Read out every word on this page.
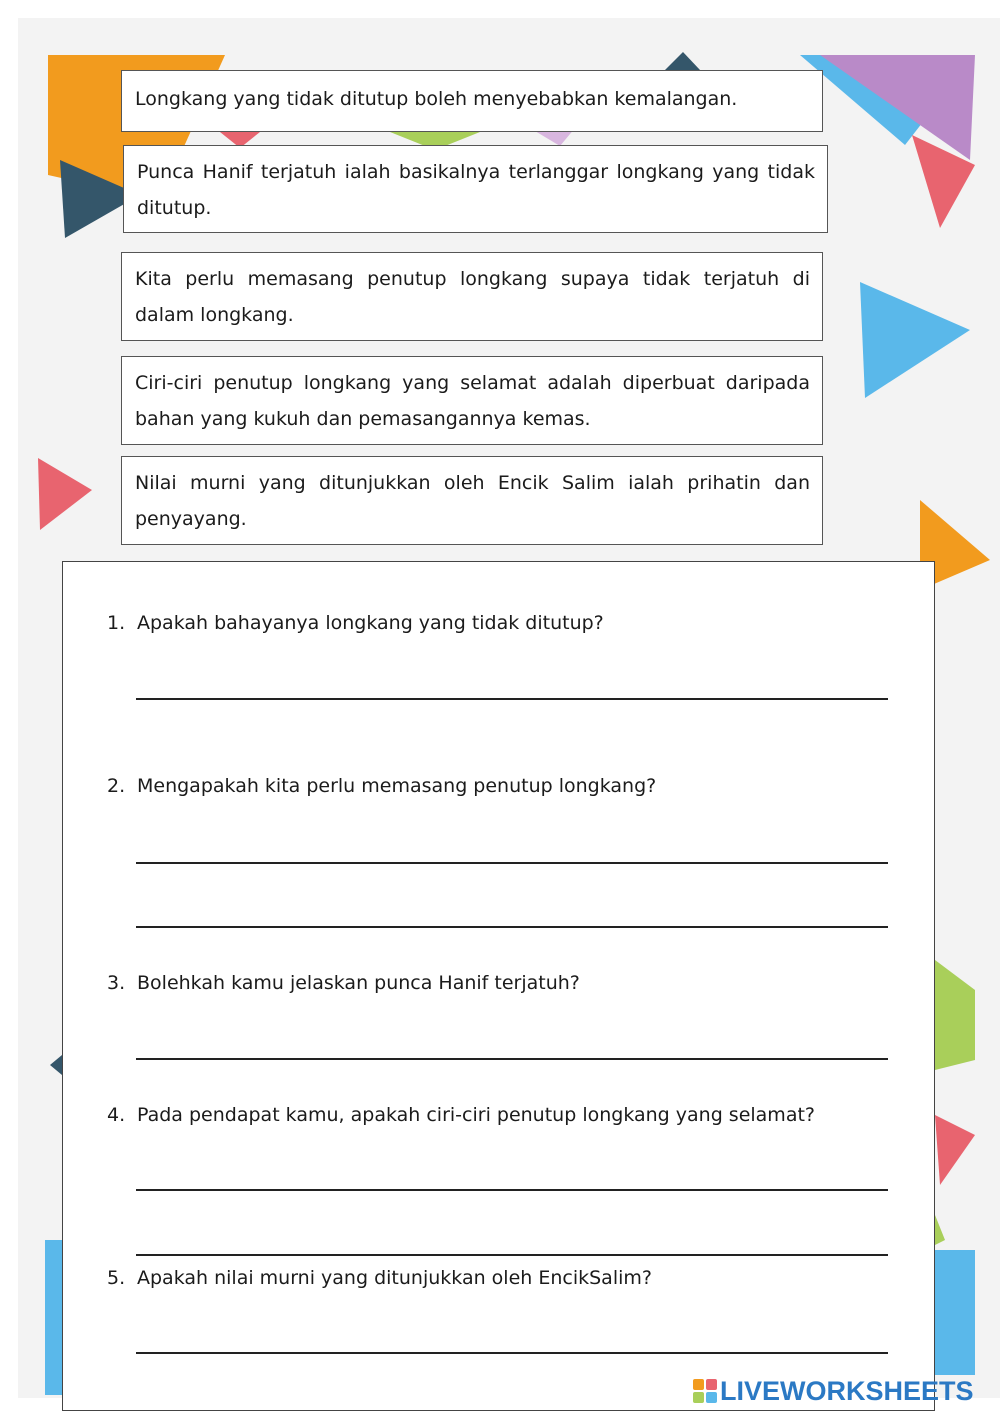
Longkang yang tidak ditutup boleh menyebabkan kemalangan.
Punca Hanif terjatuh ialah basikalnya terlanggar longkang yang tidak ditutup.
Kita perlu memasang penutup longkang supaya tidak terjatuh di dalam longkang.
Ciri-ciri penutup longkang yang selamat adalah diperbuat daripada bahan yang kukuh dan pemasangannya kemas.
Nilai murni yang ditunjukkan oleh Encik Salim ialah prihatin dan penyayang.
1. Apakah bahayanya longkang yang tidak ditutup?
2. Mengapakah kita perlu memasang penutup longkang?
3. Bolehkah kamu jelaskan punca Hanif terjatuh?
4. Pada pendapat kamu, apakah ciri-ciri penutup longkang yang selamat?
5. Apakah nilai murni yang ditunjukkan oleh EncikSalim?
LIVEWORKSHEETS
